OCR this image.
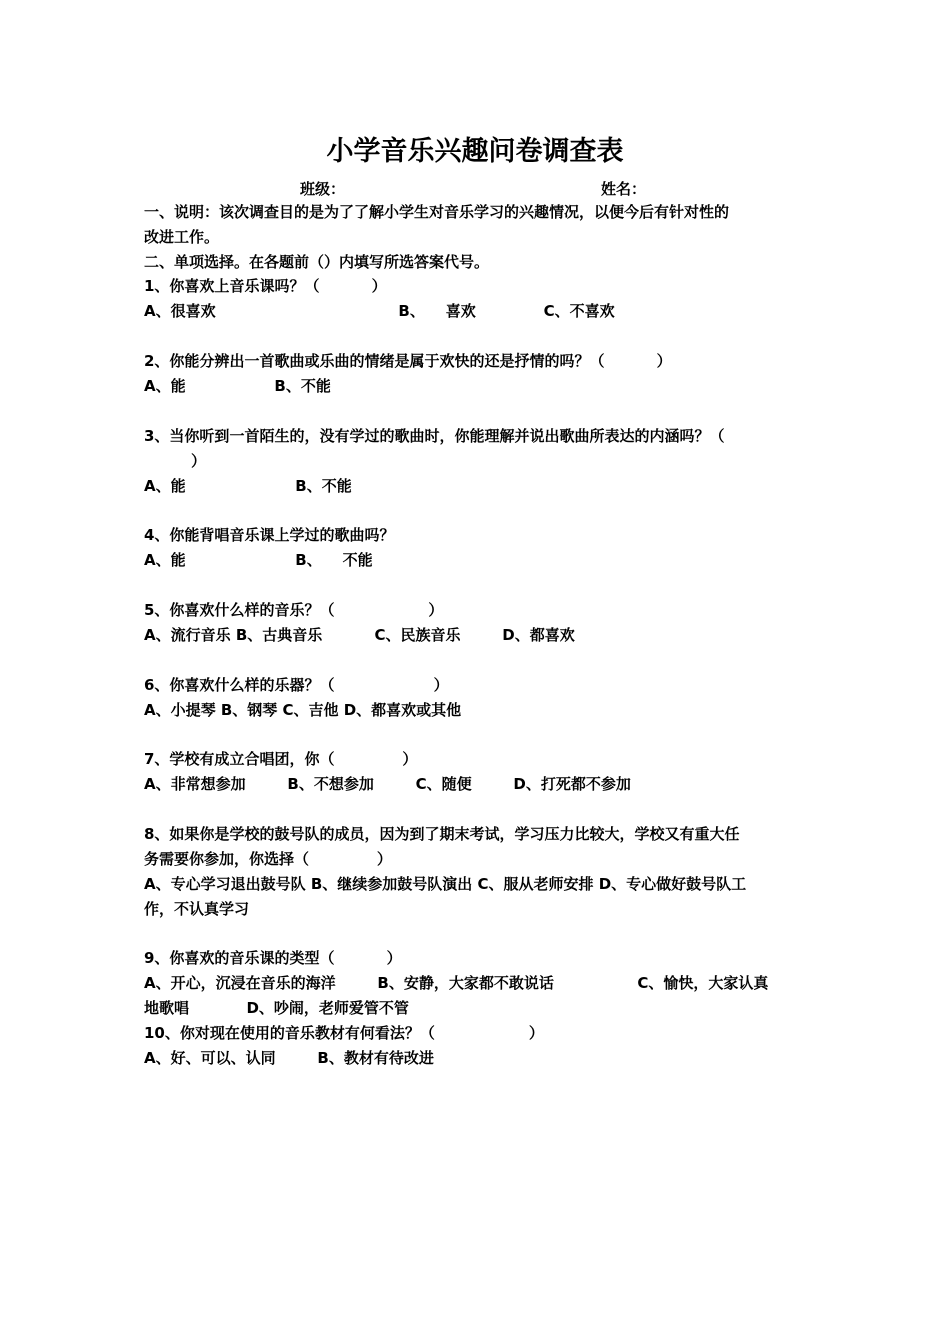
小学音乐兴趣问卷调查表
班级：	姓名：
一、说明：该次调查目的是为了了解小学生对音乐学习的兴趣情况，以便今后有针对性的
改进工作。
二、单项选择。在各题前（）内填写所选答案代号。
1、你喜欢上音乐课吗？（          ）
A、很喜欢                                   B、    喜欢             C、不喜欢
2、你能分辨出一首歌曲或乐曲的情绪是属于欢快的还是抒情的吗？（          ）
A、能                 B、不能
3、当你听到一首陌生的，没有学过的歌曲时，你能理解并说出歌曲所表达的内涵吗？（
）
A、能                     B、不能
4、你能背唱音乐课上学过的歌曲吗？
A、能                     B、    不能
5、你喜欢什么样的音乐？（                  ）
A、流行音乐 B、古典音乐          C、民族音乐        D、都喜欢
6、你喜欢什么样的乐器？（                   ）
A、小提琴 B、钢琴 C、吉他 D、都喜欢或其他
7、学校有成立合唱团，你（             ）
A、非常想参加        B、不想参加        C、随便        D、打死都不参加
8、如果你是学校的鼓号队的成员，因为到了期末考试，学习压力比较大，学校又有重大任
务需要你参加，你选择（             ）
A、专心学习退出鼓号队 B、继续参加鼓号队演出 C、服从老师安排 D、专心做好鼓号队工
作，不认真学习
9、你喜欢的音乐课的类型（          ）
A、开心，沉浸在音乐的海洋        B、安静，大家都不敢说话                C、愉快，大家认真
地歌唱           D、吵闹，老师爱管不管
10、你对现在使用的音乐教材有何看法？（                  ）
A、好、可以、认同        B、教材有待改进
